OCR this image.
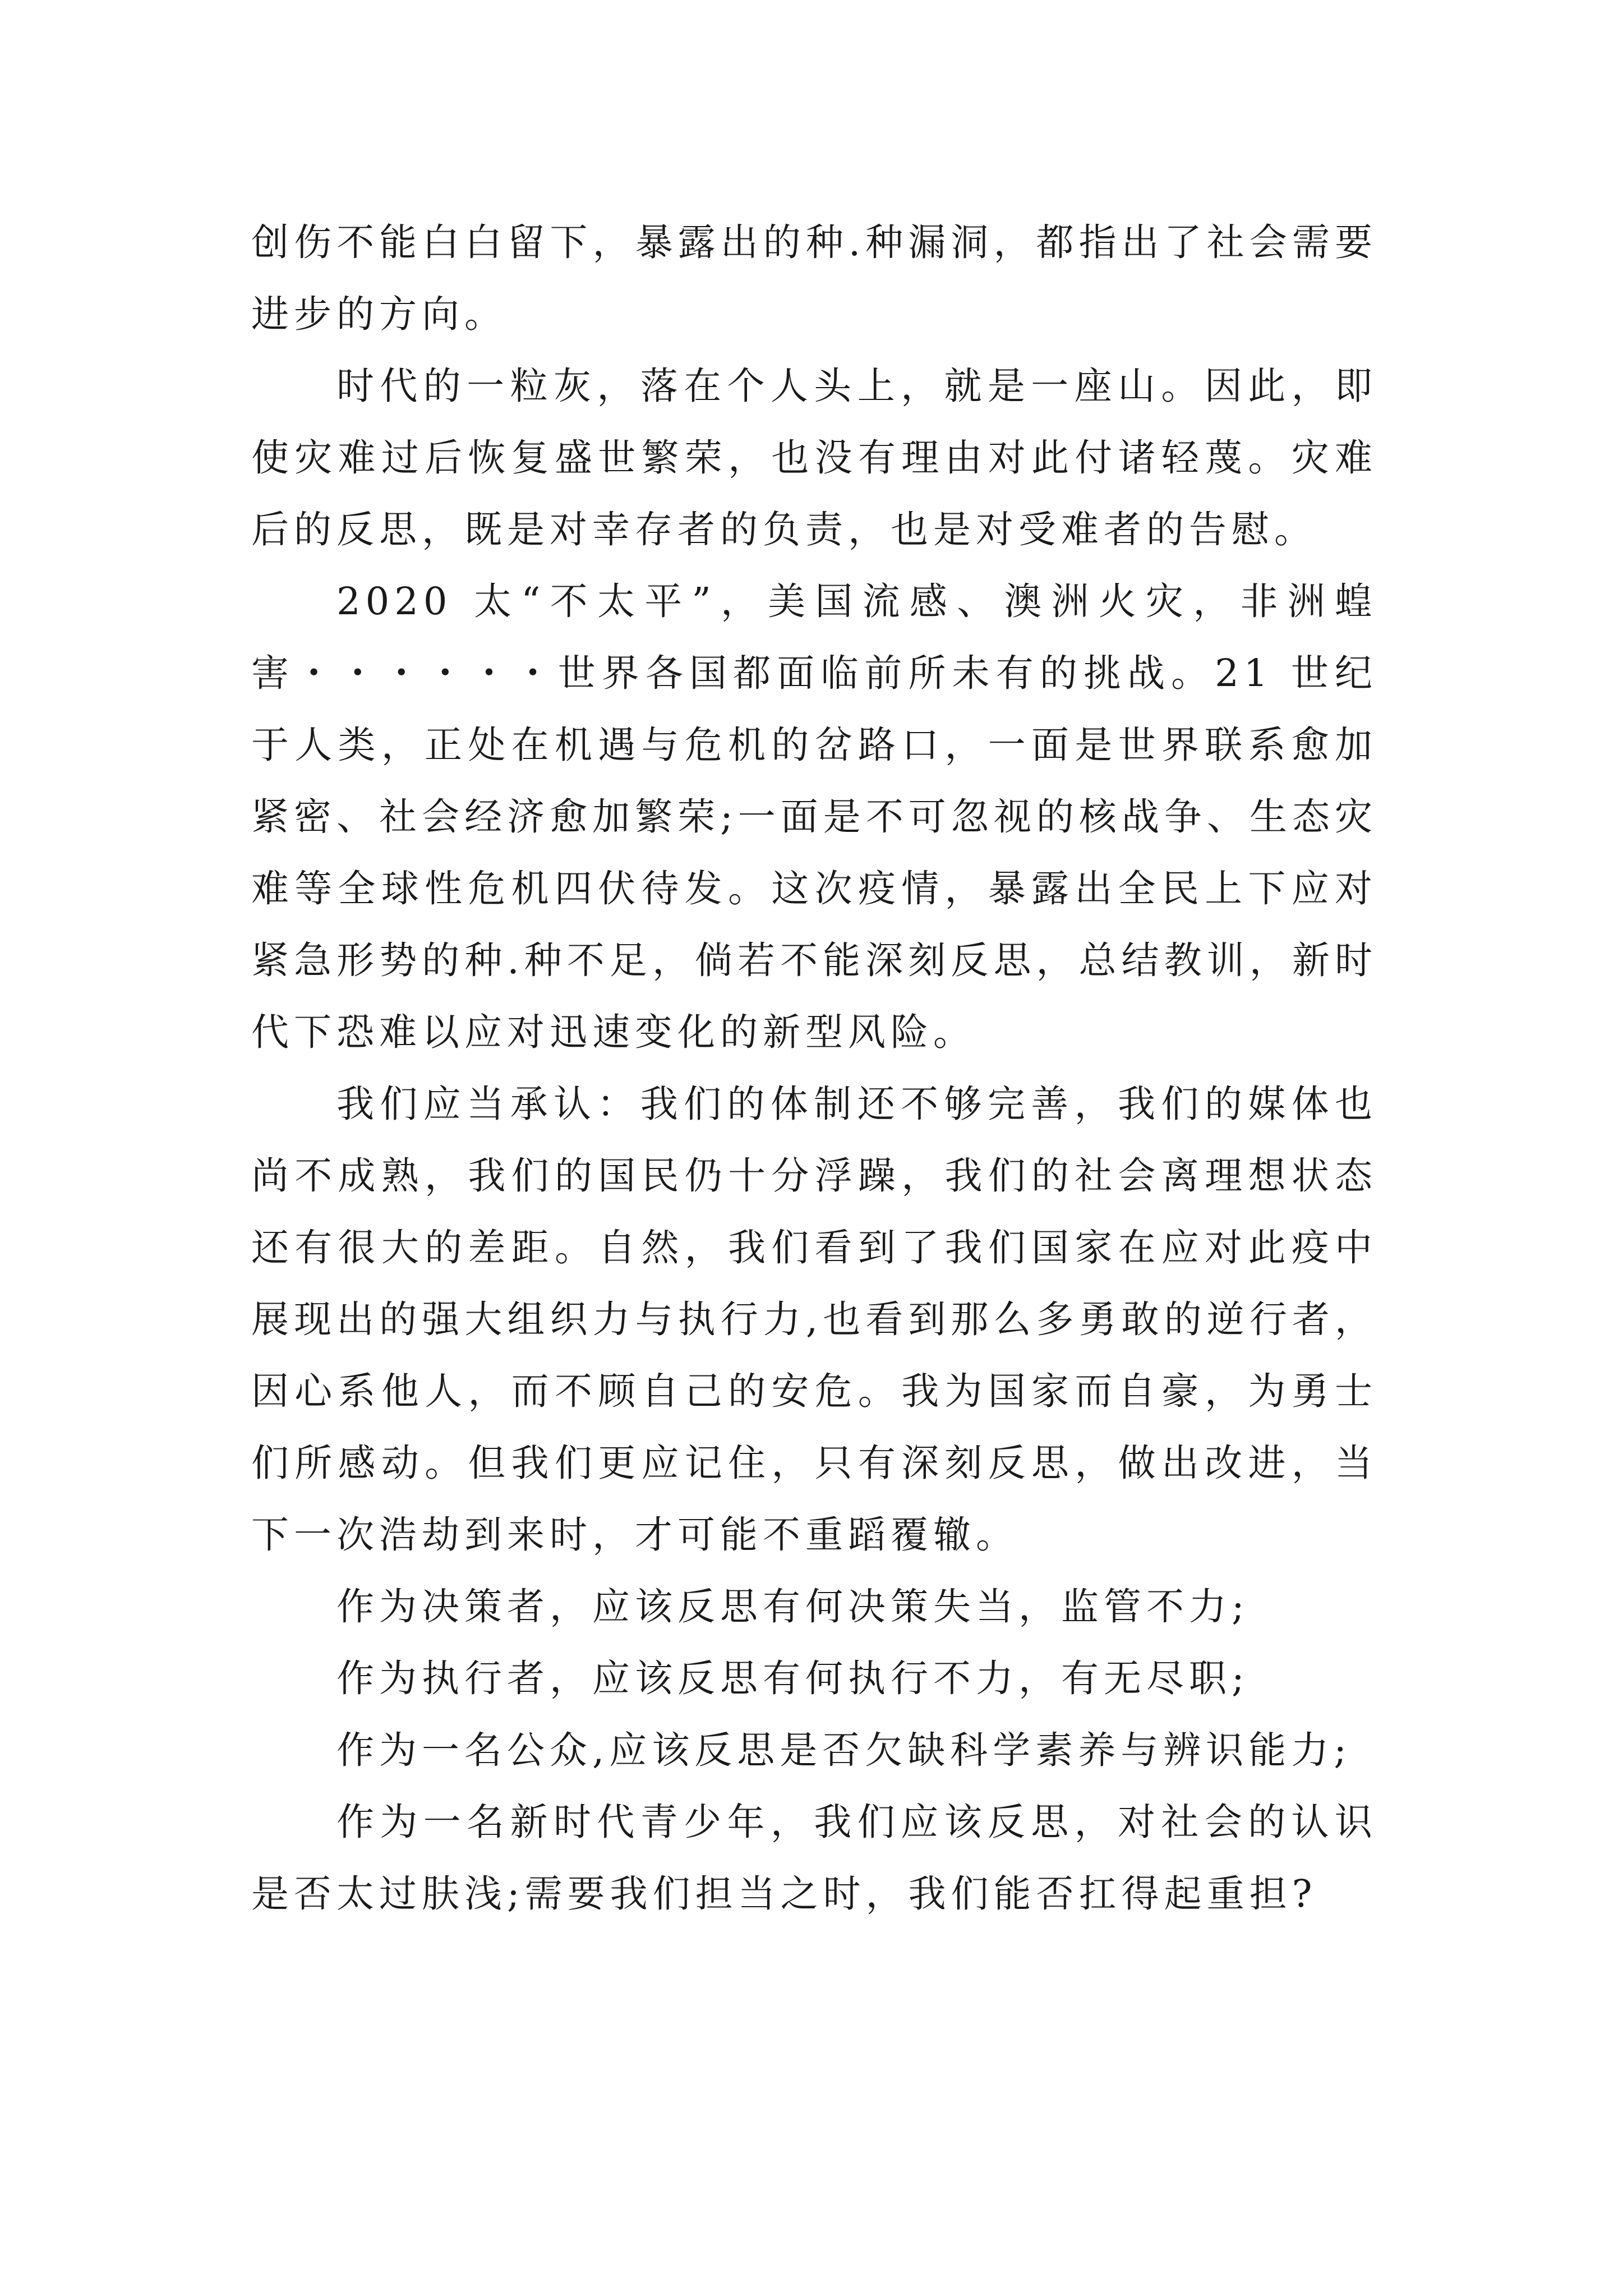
创伤不能白白留下，暴露出的种.种漏洞，都指出了社会需要进步的方向。

时代的一粒灰，落在个人头上，就是一座山。因此，即使灾难过后恢复盛世繁荣，也没有理由对此付诸轻蔑。灾难后的反思，既是对幸存者的负责，也是对受难者的告慰。

2020 太“不太平”，美国流感、澳洲火灾，非洲蝗害・・・・・・世界各国都面临前所未有的挑战。21 世纪于人类，正处在机遇与危机的岔路口，一面是世界联系愈加紧密、社会经济愈加繁荣;一面是不可忽视的核战争、生态灾难等全球性危机四伏待发。这次疫情，暴露出全民上下应对紧急形势的种.种不足，倘若不能深刻反思，总结教训，新时代下恐难以应对迅速变化的新型风险。

我们应当承认：我们的体制还不够完善，我们的媒体也尚不成熟，我们的国民仍十分浮躁，我们的社会离理想状态还有很大的差距。自然，我们看到了我们国家在应对此疫中展现出的强大组织力与执行力,也看到那么多勇敢的逆行者，因心系他人，而不顾自己的安危。我为国家而自豪，为勇士们所感动。但我们更应记住，只有深刻反思，做出改进，当下一次浩劫到来时，才可能不重蹈覆辙。

作为决策者，应该反思有何决策失当，监管不力;

作为执行者，应该反思有何执行不力，有无尽职;

作为一名公众,应该反思是否欠缺科学素养与辨识能力;

作为一名新时代青少年，我们应该反思，对社会的认识是否太过肤浅;需要我们担当之时，我们能否扛得起重担?
